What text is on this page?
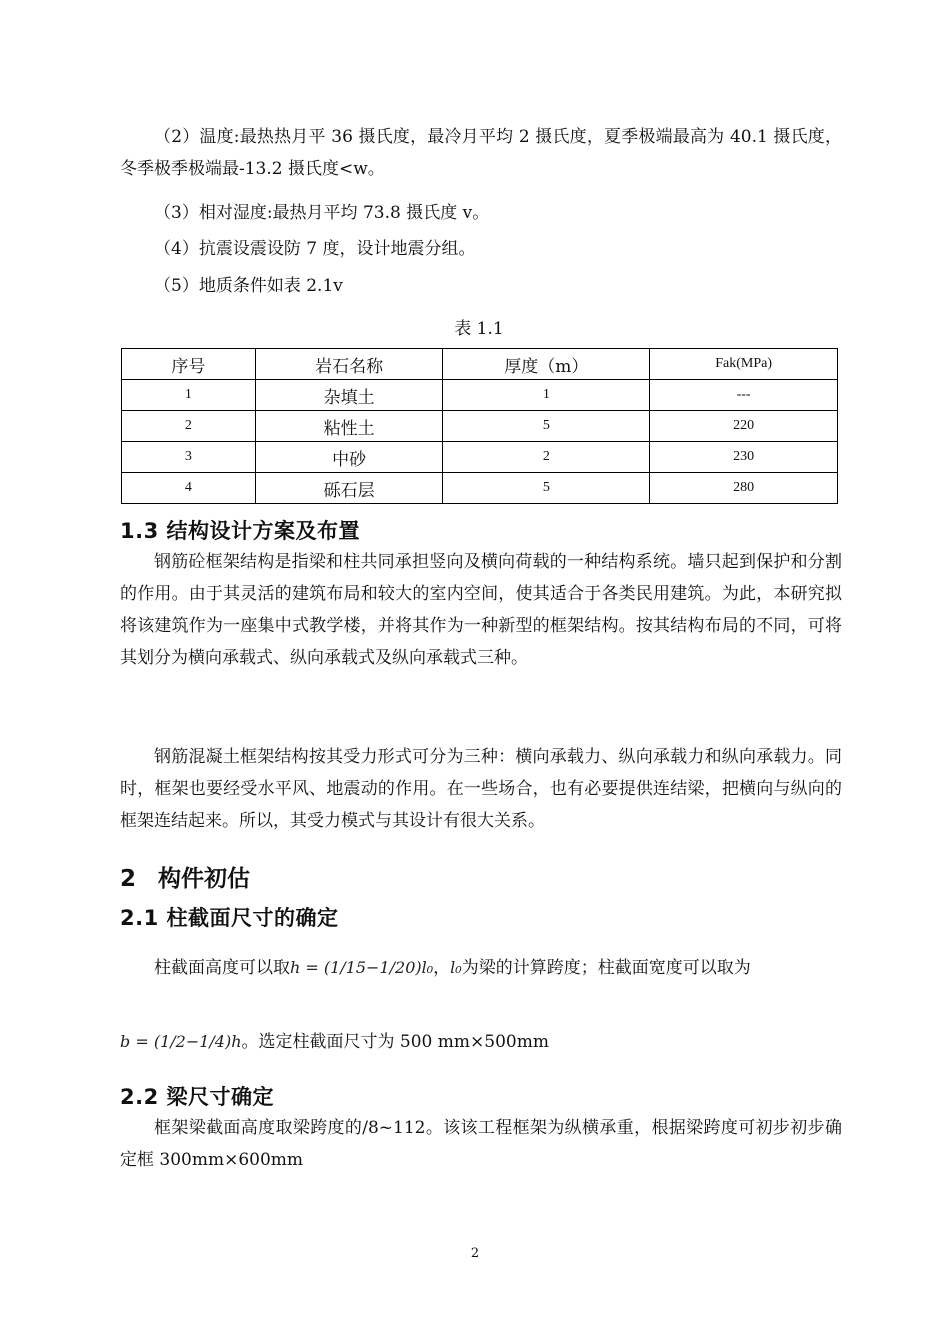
（2）温度:最热热月平 36 摄氏度，最冷月平均 2 摄氏度，夏季极端最高为 40.1 摄氏度，冬季极季极端最-13.2 摄氏度<w。

（3）相对湿度:最热月平均 73.8 摄氏度 v。

（4）抗震设震设防 7 度，设计地震分组。

（5）地质条件如表 2.1v

表 1.1
序号	岩石名称	厚度（m）	Fak(MPa)
1	杂填土	1	---
2	粘性土	5	220
3	中砂	2	230
4	砾石层	5	280
1.3 结构设计方案及布置

钢筋砼框架结构是指梁和柱共同承担竖向及横向荷载的一种结构系统。墙只起到保护和分割的作用。由于其灵活的建筑布局和较大的室内空间，使其适合于各类民用建筑。为此，本研究拟将该建筑作为一座集中式教学楼，并将其作为一种新型的框架结构。按其结构布局的不同，可将其划分为横向承载式、纵向承载式及纵向承载式三种。

钢筋混凝土框架结构按其受力形式可分为三种：横向承载力、纵向承载力和纵向承载力。同时，框架也要经受水平风、地震动的作用。在一些场合，也有必要提供连结梁，把横向与纵向的框架连结起来。所以，其受力模式与其设计有很大关系。

2 构件初估
2.1 柱截面尺寸的确定

柱截面高度可以取h = (1/15−1/20)l₀，l₀为梁的计算跨度；柱截面宽度可以取为

b = (1/2−1/4)h。选定柱截面尺寸为 500 mm×500mm

2.2 梁尺寸确定

框架梁截面高度取梁跨度的/8~112。该该工程框架为纵横承重，根据梁跨度可初步初步确定框 300mm×600mm

2
